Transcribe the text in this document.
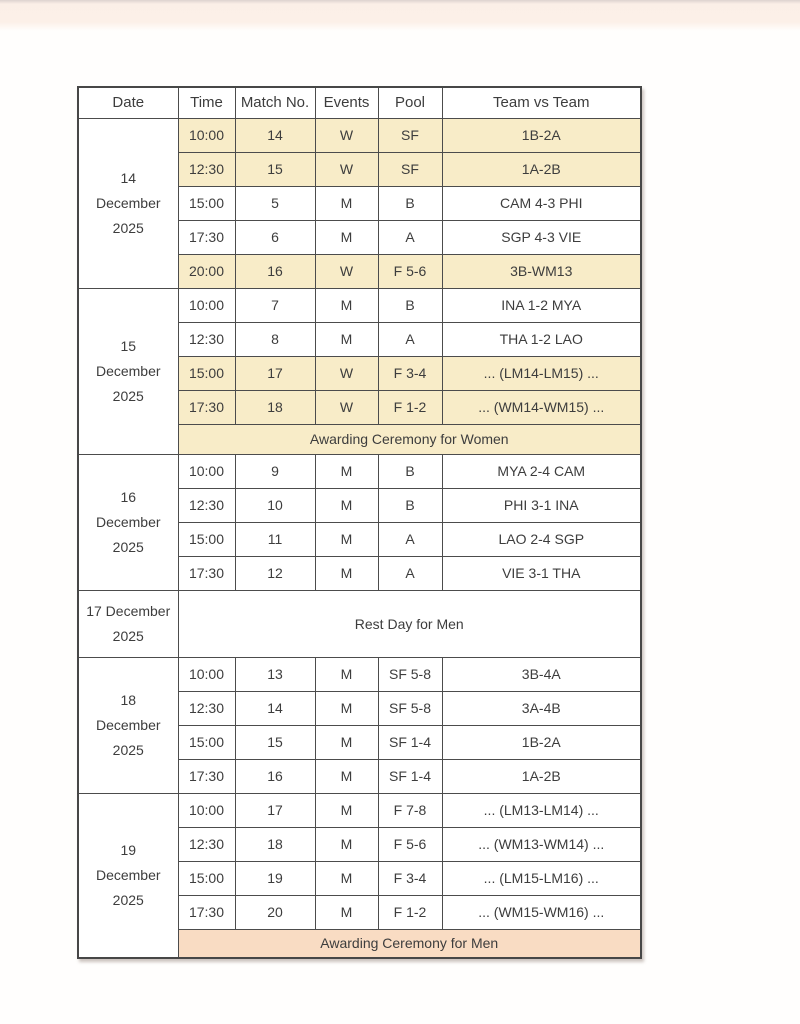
Date	Time	Match No.	Events	Pool	Team vs Team

14
December
2025	10:00	14	W	SF	1B-2A
	12:30	15	W	SF	1A-2B
	15:00	5	M	B	CAM 4-3 PHI
	17:30	6	M	A	SGP 4-3 VIE
	20:00	16	W	F 5-6	3B-WM13

15
December
2025	10:00	7	M	B	INA 1-2 MYA
	12:30	8	M	A	THA 1-2 LAO
	15:00	17	W	F 3-4	... (LM14-LM15) ...
	17:30	18	W	F 1-2	... (WM14-WM15) ...
	Awarding Ceremony for Women				

16
December
2025	10:00	9	M	B	MYA 2-4 CAM
	12:30	10	M	B	PHI 3-1 INA
	15:00	11	M	A	LAO 2-4 SGP
	17:30	12	M	A	VIE 3-1 THA

17 December
2025	Rest Day for Men				

18
December
2025	10:00	13	M	SF 5-8	3B-4A
	12:30	14	M	SF 5-8	3A-4B
	15:00	15	M	SF 1-4	1B-2A
	17:30	16	M	SF 1-4	1A-2B

19
December
2025	10:00	17	M	F 7-8	... (LM13-LM14) ...
	12:30	18	M	F 5-6	... (WM13-WM14) ...
	15:00	19	M	F 3-4	... (LM15-LM16) ...
	17:30	20	M	F 1-2	... (WM15-WM16) ...
	Awarding Ceremony for Men				
